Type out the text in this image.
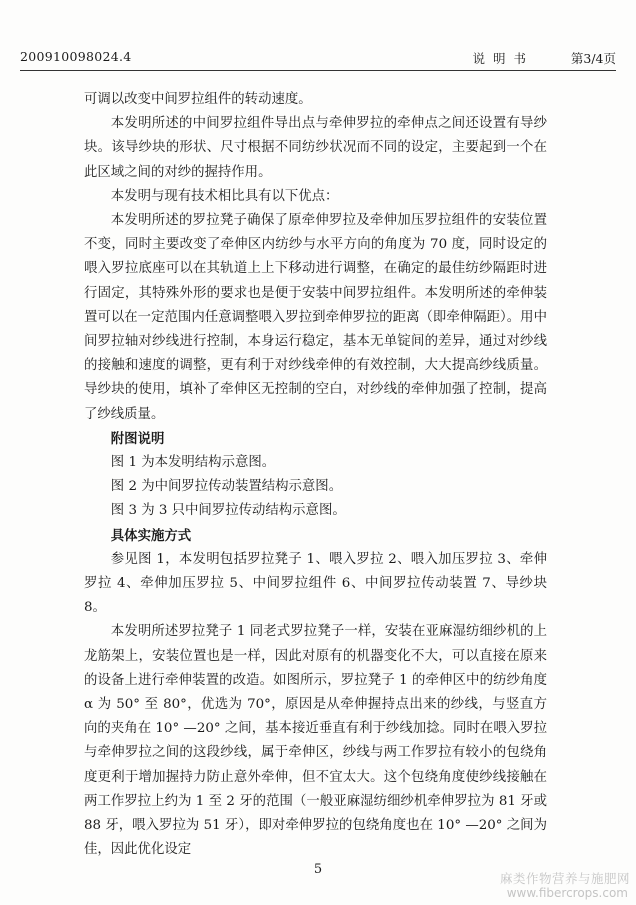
200910098024.4	说明书	第3/4页

可调以改变中间罗拉组件的转动速度。

本发明所述的中间罗拉组件导出点与牵伸罗拉的牵伸点之间还设置有导纱块。该导纱块的形状、尺寸根据不同纺纱状况而不同的设定，主要起到一个在此区域之间的对纱的握持作用。

本发明与现有技术相比具有以下优点：

本发明所述的罗拉凳子确保了原牵伸罗拉及牵伸加压罗拉组件的安装位置不变，同时主要改变了牵伸区内纺纱与水平方向的角度为 70 度，同时设定的喂入罗拉底座可以在其轨道上上下移动进行调整，在确定的最佳纺纱隔距时进行固定，其特殊外形的要求也是便于安装中间罗拉组件。本发明所述的牵伸装置可以在一定范围内任意调整喂入罗拉到牵伸罗拉的距离（即牵伸隔距）。用中间罗拉轴对纱线进行控制，本身运行稳定，基本无单锭间的差异，通过对纱线的接触和速度的调整，更有利于对纱线牵伸的有效控制，大大提高纱线质量。导纱块的使用，填补了牵伸区无控制的空白，对纱线的牵伸加强了控制，提高了纱线质量。

附图说明

图 1 为本发明结构示意图。

图 2 为中间罗拉传动装置结构示意图。

图 3 为 3 只中间罗拉传动结构示意图。

具体实施方式

参见图 1，本发明包括罗拉凳子 1、喂入罗拉 2、喂入加压罗拉 3、牵伸罗拉 4、牵伸加压罗拉 5、中间罗拉组件 6、中间罗拉传动装置 7、导纱块 8。

本发明所述罗拉凳子 1 同老式罗拉凳子一样，安装在亚麻湿纺细纱机的上龙筋架上，安装位置也是一样，因此对原有的机器变化不大，可以直接在原来的设备上进行牵伸装置的改造。如图所示，罗拉凳子 1 的牵伸区中的纺纱角度α 为 50° 至 80°，优选为 70°，原因是从牵伸握持点出来的纱线，与竖直方向的夹角在 10° —20° 之间，基本接近垂直有利于纱线加捻。同时在喂入罗拉与牵伸罗拉之间的这段纱线，属于牵伸区，纱线与两工作罗拉有较小的包绕角度更利于增加握持力防止意外牵伸，但不宜太大。这个包绕角度使纱线接触在两工作罗拉上约为 1 至 2 牙的范围（一般亚麻湿纺细纱机牵伸罗拉为 81 牙或 88 牙，喂入罗拉为 51 牙），即对牵伸罗拉的包绕角度也在 10° —20° 之间为佳，因此优化设定

5
麻类作物营养与施肥网
www.fibercrops.com
